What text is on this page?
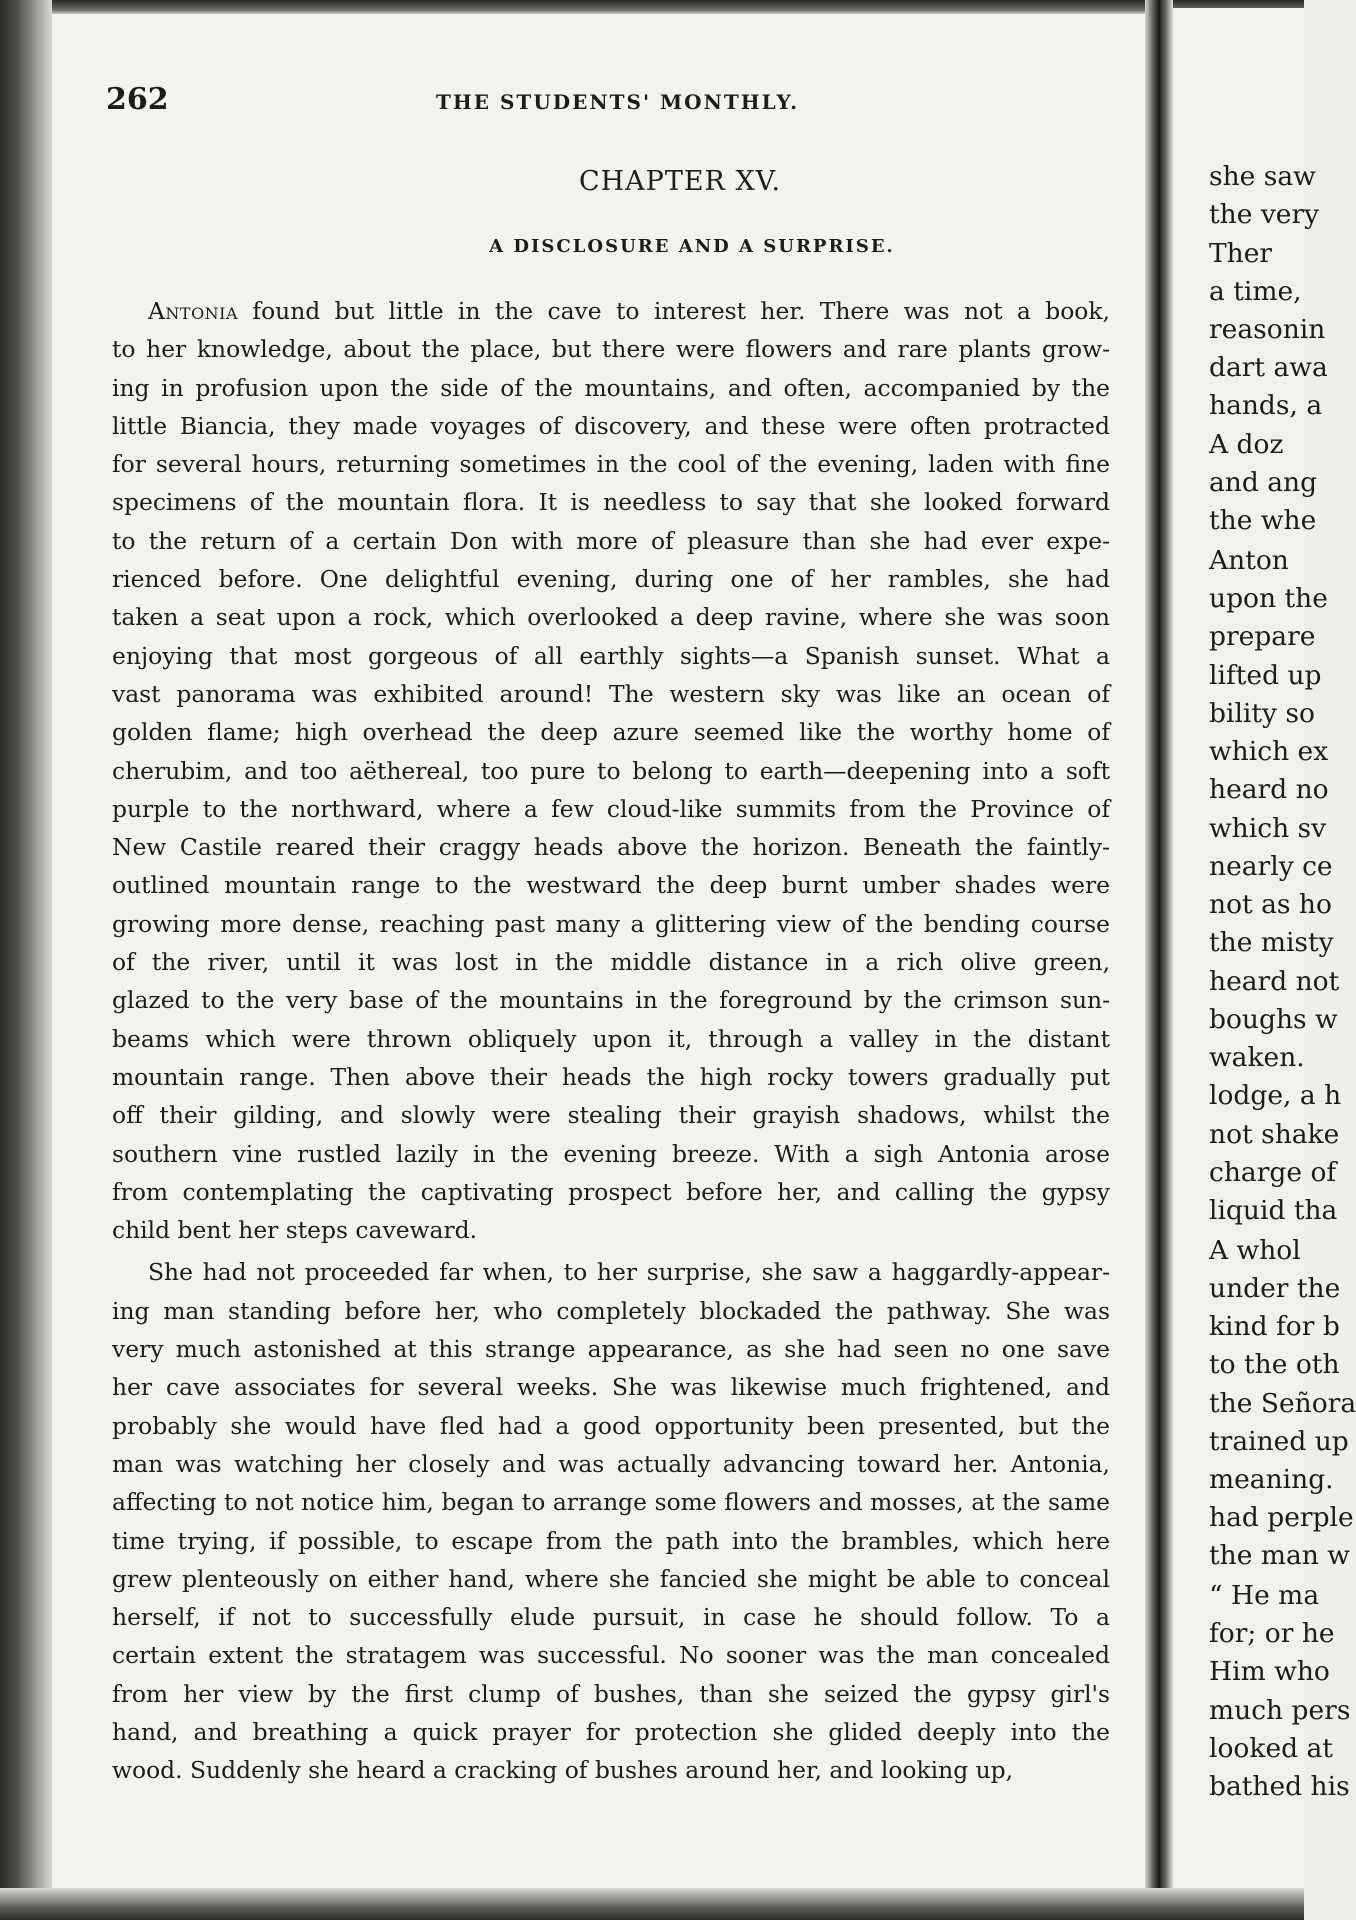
she saw
the very
Ther
a time,
reasonin
dart awa
hands, a
A doz
and ang
the whe
Anton
upon the
prepare
lifted up
bility so
which ex
heard no
which sv
nearly ce
not as ho
the misty
heard not
boughs w
waken.
lodge, a h
not shake
charge of
liquid tha
A whol
under the
kind for b
to the oth
the Señora
trained up
meaning.
had perple
the man w
“ He ma
for; or he
Him who
much pers
looked at
bathed his
262	THE STUDENTS' MONTHLY.
CHAPTER XV.
A DISCLOSURE AND A SURPRISE.
Antonia found but little in the cave to interest her. There was not a book,
to her knowledge, about the place, but there were flowers and rare plants grow-
ing in profusion upon the side of the mountains, and often, accompanied by the
little Biancia, they made voyages of discovery, and these were often protracted
for several hours, returning sometimes in the cool of the evening, laden with fine
specimens of the mountain flora. It is needless to say that she looked forward
to the return of a certain Don with more of pleasure than she had ever expe-
rienced before. One delightful evening, during one of her rambles, she had
taken a seat upon a rock, which overlooked a deep ravine, where she was soon
enjoying that most gorgeous of all earthly sights—a Spanish sunset. What a
vast panorama was exhibited around! The western sky was like an ocean of
golden flame; high overhead the deep azure seemed like the worthy home of
cherubim, and too aëthereal, too pure to belong to earth—deepening into a soft
purple to the northward, where a few cloud-like summits from the Province of
New Castile reared their craggy heads above the horizon. Beneath the faintly-
outlined mountain range to the westward the deep burnt umber shades were
growing more dense, reaching past many a glittering view of the bending course
of the river, until it was lost in the middle distance in a rich olive green,
glazed to the very base of the mountains in the foreground by the crimson sun-
beams which were thrown obliquely upon it, through a valley in the distant
mountain range. Then above their heads the high rocky towers gradually put
off their gilding, and slowly were stealing their grayish shadows, whilst the
southern vine rustled lazily in the evening breeze. With a sigh Antonia arose
from contemplating the captivating prospect before her, and calling the gypsy
child bent her steps caveward.
She had not proceeded far when, to her surprise, she saw a haggardly-appear-
ing man standing before her, who completely blockaded the pathway. She was
very much astonished at this strange appearance, as she had seen no one save
her cave associates for several weeks. She was likewise much frightened, and
probably she would have fled had a good opportunity been presented, but the
man was watching her closely and was actually advancing toward her. Antonia,
affecting to not notice him, began to arrange some flowers and mosses, at the same
time trying, if possible, to escape from the path into the brambles, which here
grew plenteously on either hand, where she fancied she might be able to conceal
herself, if not to successfully elude pursuit, in case he should follow. To a
certain extent the stratagem was successful. No sooner was the man concealed
from her view by the first clump of bushes, than she seized the gypsy girl's
hand, and breathing a quick prayer for protection she glided deeply into the
wood. Suddenly she heard a cracking of bushes around her, and looking up,
